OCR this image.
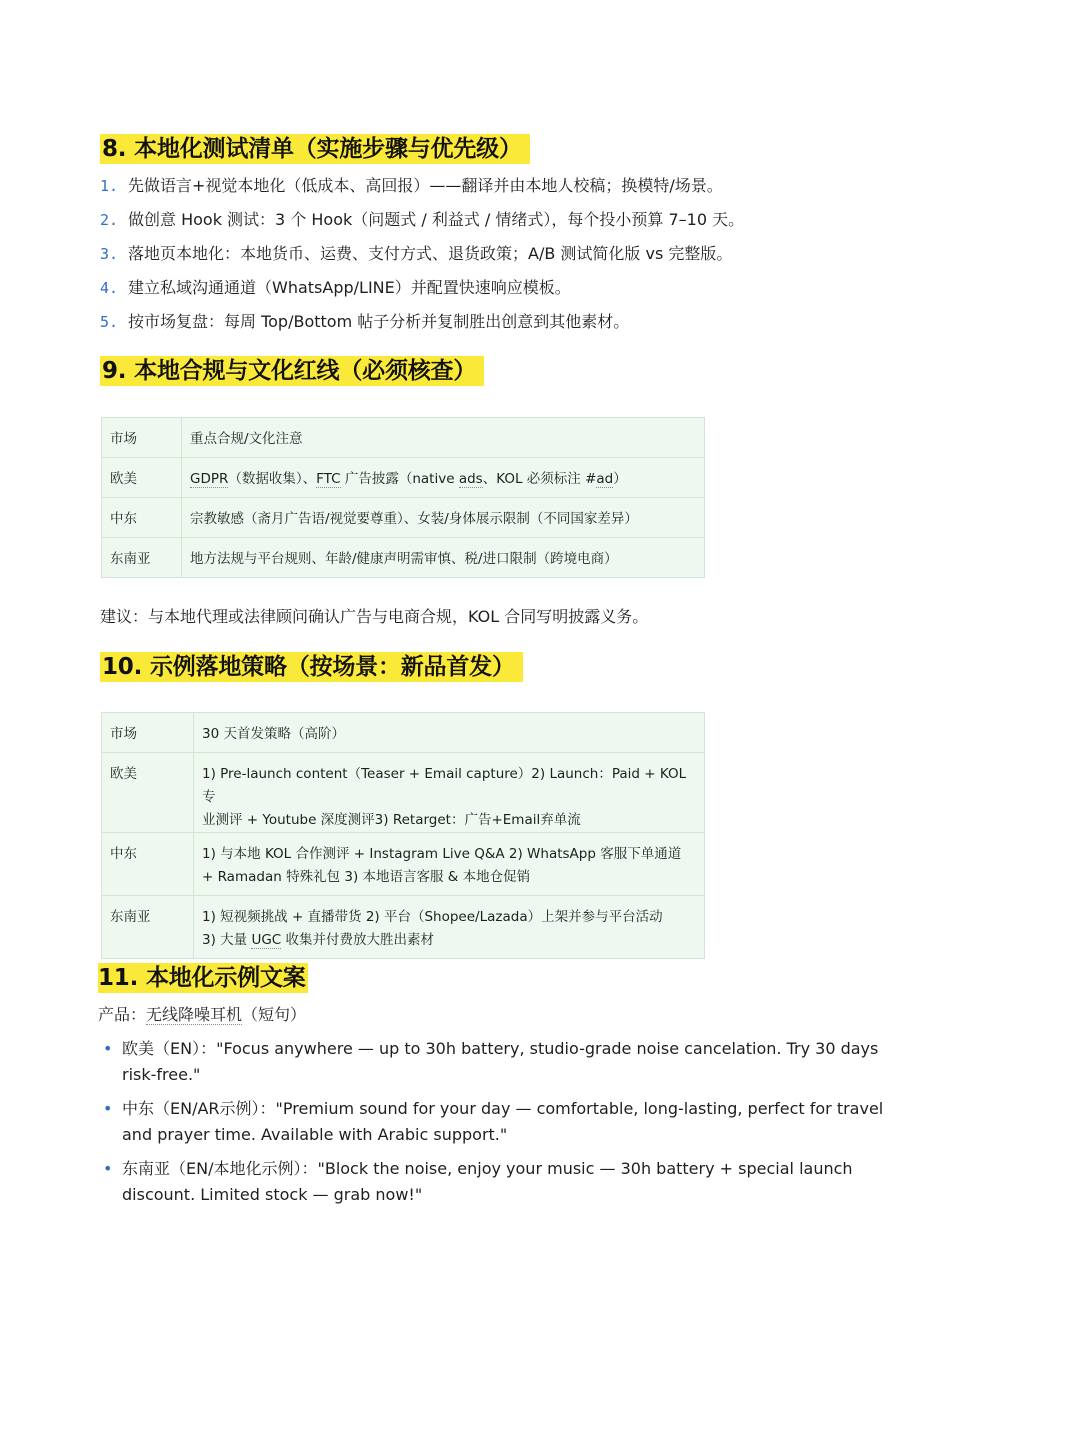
8. 本地化测试清单（实施步骤与优先级）
1. 先做语言+视觉本地化（低成本、高回报）——翻译并由本地人校稿；换模特/场景。
2. 做创意 Hook 测试：3 个 Hook（问题式 / 利益式 / 情绪式），每个投小预算 7–10 天。
3. 落地页本地化：本地货币、运费、支付方式、退货政策；A/B 测试简化版 vs 完整版。
4. 建立私域沟通通道（WhatsApp/LINE）并配置快速响应模板。
5. 按市场复盘：每周 Top/Bottom 帖子分析并复制胜出创意到其他素材。
9. 本地合规与文化红线（必须核查）
市场	重点合规/文化注意
欧美	GDPR（数据收集）、FTC 广告披露（native ads、KOL 必须标注 #ad）
中东	宗教敏感（斋月广告语/视觉要尊重）、女装/身体展示限制（不同国家差异）
东南亚	地方法规与平台规则、年龄/健康声明需审慎、税/进口限制（跨境电商）
建议：与本地代理或法律顾问确认广告与电商合规，KOL 合同写明披露义务。
10. 示例落地策略（按场景：新品首发）
市场	30 天首发策略（高阶）
欧美	1) Pre-launch content（Teaser + Email capture）2) Launch：Paid + KOL 专
业测评 + Youtube 深度测评3) Retarget：广告+Email弃单流

中东	1) 与本地 KOL 合作测评 + Instagram Live Q&A 2) WhatsApp 客服下单通道
+ Ramadan 特殊礼包 3) 本地语言客服 & 本地仓促销

东南亚	1) 短视频挑战 + 直播带货 2) 平台（Shopee/Lazada）上架并参与平台活动
3) 大量 UGC 收集并付费放大胜出素材
11. 本地化示例文案
产品：无线降噪耳机（短句）
• 欧美（EN）："Focus anywhere — up to 30h battery, studio-grade noise cancelation. Try 30 days risk-free."
• 中东（EN/AR示例）："Premium sound for your day — comfortable, long-lasting, perfect for travel and prayer time. Available with Arabic support."
• 东南亚（EN/本地化示例）："Block the noise, enjoy your music — 30h battery + special launch discount. Limited stock — grab now!"
